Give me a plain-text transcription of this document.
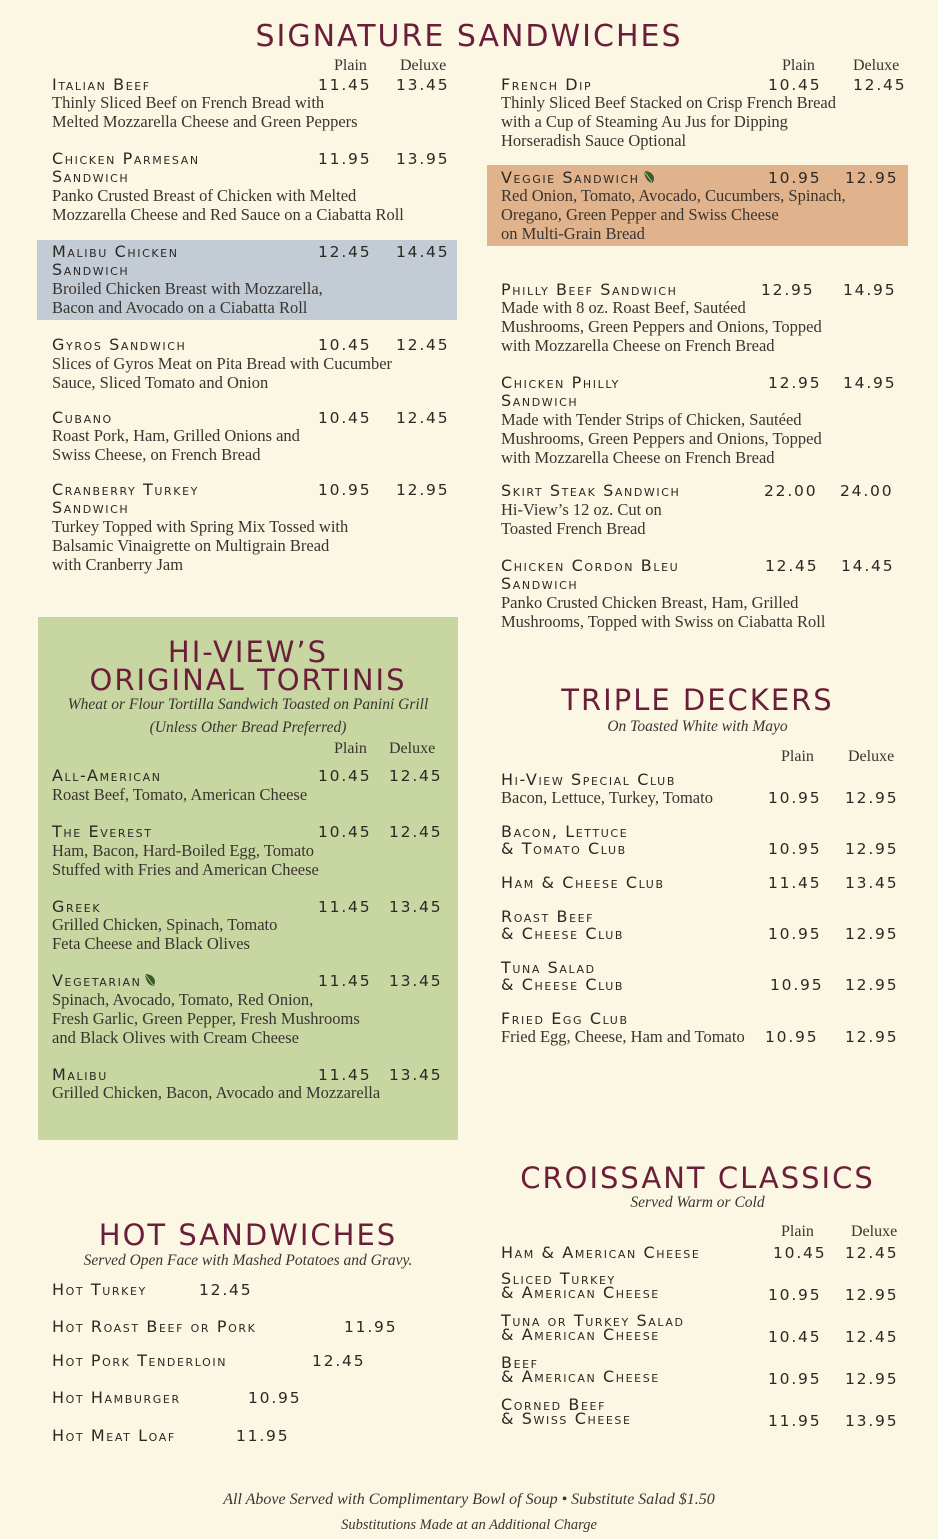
SIGNATURE SANDWICHES
Plain Deluxe	Plain Deluxe
Italian Beef	11.45 13.45
Thinly Sliced Beef on French Bread with
Melted Mozzarella Cheese and Green Peppers
Chicken Parmesan
Sandwich
11.95 13.95
Panko Crusted Breast of Chicken with Melted
Mozzarella Cheese and Red Sauce on a Ciabatta Roll
Malibu Chicken
Sandwich
12.45 14.45
Broiled Chicken Breast with Mozzarella,
Bacon and Avocado on a Ciabatta Roll
Gyros Sandwich	10.45 12.45
Slices of Gyros Meat on Pita Bread with Cucumber
Sauce, Sliced Tomato and Onion
Cubano	10.45 12.45
Roast Pork, Ham, Grilled Onions and
Swiss Cheese, on French Bread
Cranberry Turkey
Sandwich
10.95 12.95
Turkey Topped with Spring Mix Tossed with
Balsamic Vinaigrette on Multigrain Bread
with Cranberry Jam
French Dip	10.45 12.45
Thinly Sliced Beef Stacked on Crisp French Bread
with a Cup of Steaming Au Jus for Dipping
Horseradish Sauce Optional
Veggie Sandwich	10.95 12.95
Red Onion, Tomato, Avocado, Cucumbers, Spinach,
Oregano, Green Pepper and Swiss Cheese
on Multi-Grain Bread
Philly Beef Sandwich	12.95 14.95
Made with 8 oz. Roast Beef, Sautéed
Mushrooms, Green Peppers and Onions, Topped
with Mozzarella Cheese on French Bread
Chicken Philly
Sandwich
12.95 14.95
Made with Tender Strips of Chicken, Sautéed
Mushrooms, Green Peppers and Onions, Topped
with Mozzarella Cheese on French Bread
Skirt Steak Sandwich	22.00 24.00
Hi-View’s 12 oz. Cut on
Toasted French Bread
Chicken Cordon Bleu
Sandwich
12.45 14.45
Panko Crusted Chicken Breast, Ham, Grilled
Mushrooms, Topped with Swiss on Ciabatta Roll
HI-VIEW’S
ORIGINAL TORTINIS
Wheat or Flour Tortilla Sandwich Toasted on Panini Grill
(Unless Other Bread Preferred)
Plain Deluxe
All-American	10.45 12.45
Roast Beef, Tomato, American Cheese
The Everest	10.45 12.45
Ham, Bacon, Hard-Boiled Egg, Tomato
Stuffed with Fries and American Cheese
Greek	11.45 13.45
Grilled Chicken, Spinach, Tomato
Feta Cheese and Black Olives
Vegetarian	11.45 13.45
Spinach, Avocado, Tomato, Red Onion,
Fresh Garlic, Green Pepper, Fresh Mushrooms
and Black Olives with Cream Cheese
Malibu	11.45 13.45
Grilled Chicken, Bacon, Avocado and Mozzarella
TRIPLE DECKERS
On Toasted White with Mayo
Plain Deluxe
Hi-View Special Club
Bacon, Lettuce, Turkey, Tomato	10.95 12.95
Bacon, Lettuce
& Tomato Club	10.95 12.95
Ham & Cheese Club	11.45 13.45
Roast Beef
& Cheese Club	10.95 12.95
Tuna Salad
& Cheese Club	10.95 12.95
Fried Egg Club
Fried Egg, Cheese, Ham and Tomato 10.95 12.95
HOT SANDWICHES
Served Open Face with Mashed Potatoes and Gravy.
Hot Turkey	12.45
Hot Roast Beef or Pork	11.95
Hot Pork Tenderloin	12.45
Hot Hamburger	10.95
Hot Meat Loaf	11.95
CROISSANT CLASSICS
Served Warm or Cold
Plain Deluxe
Ham & American Cheese	10.45 12.45
Sliced Turkey
& American Cheese	10.95 12.95
Tuna or Turkey Salad
& American Cheese	10.45 12.45
Beef
& American Cheese	10.95 12.95
Corned Beef
& Swiss Cheese	11.95 13.95
All Above Served with Complimentary Bowl of Soup • Substitute Salad $1.50
Substitutions Made at an Additional Charge
